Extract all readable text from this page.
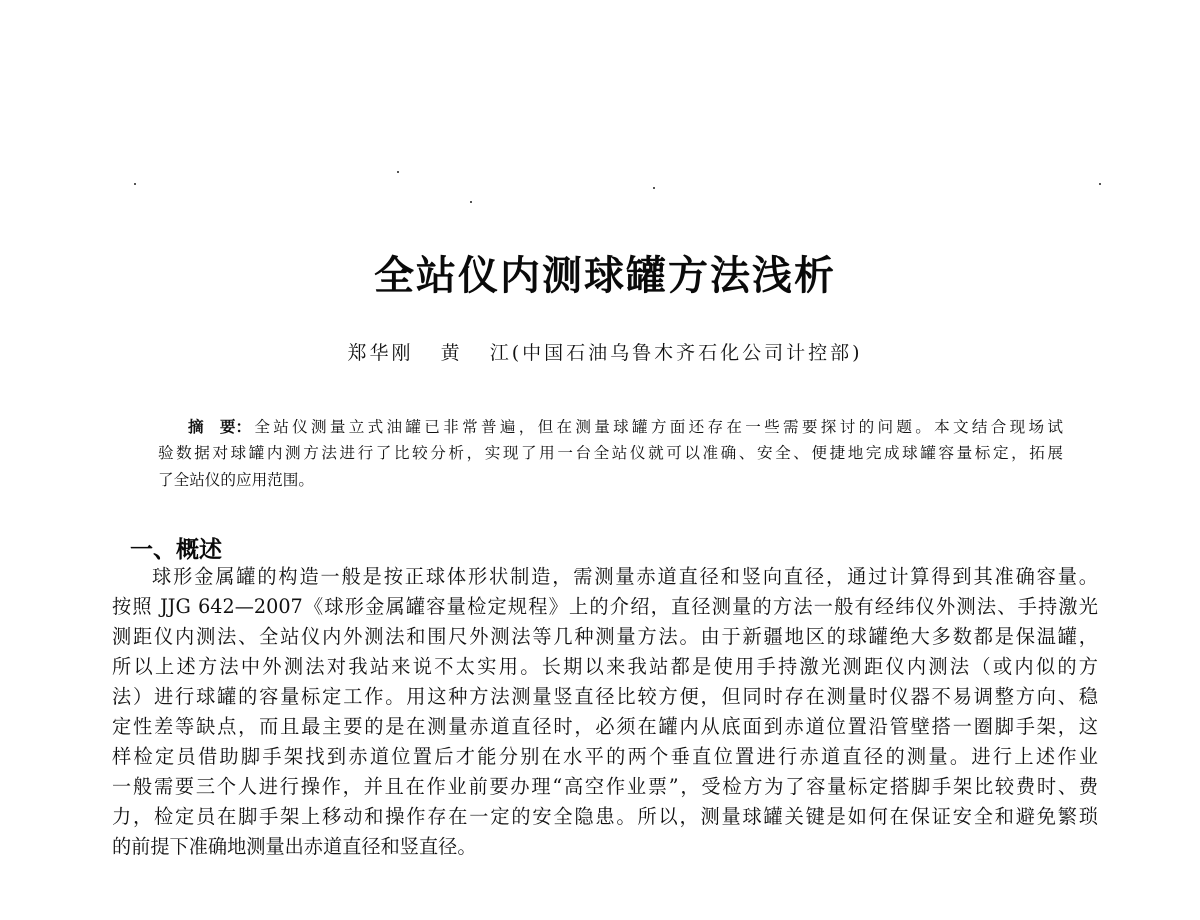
全站仪内测球罐方法浅析
郑华刚   黄   江(中国石油乌鲁木齐石化公司计控部)
摘   要：全站仪测量立式油罐已非常普遍，但在测量球罐方面还存在一些需要探讨的问题。本文结合现场试
验数据对球罐内测方法进行了比较分析，实现了用一台全站仪就可以准确、安全、便捷地完成球罐容量标定，拓展
了全站仪的应用范围。
一、概述
球形金属罐的构造一般是按正球体形状制造，需测量赤道直径和竖向直径，通过计算得到其准确容量。
按照 JJG 642—2007《球形金属罐容量检定规程》上的介绍，直径测量的方法一般有经纬仪外测法、手持激光
测距仪内测法、全站仪内外测法和围尺外测法等几种测量方法。由于新疆地区的球罐绝大多数都是保温罐，
所以上述方法中外测法对我站来说不太实用。长期以来我站都是使用手持激光测距仪内测法（或内似的方
法）进行球罐的容量标定工作。用这种方法测量竖直径比较方便，但同时存在测量时仪器不易调整方向、稳
定性差等缺点，而且最主要的是在测量赤道直径时，必须在罐内从底面到赤道位置沿管壁搭一圈脚手架，这
样检定员借助脚手架找到赤道位置后才能分别在水平的两个垂直位置进行赤道直径的测量。进行上述作业
一般需要三个人进行操作，并且在作业前要办理“高空作业票”，受检方为了容量标定搭脚手架比较费时、费
力，检定员在脚手架上移动和操作存在一定的安全隐患。所以，测量球罐关键是如何在保证安全和避免繁琐
的前提下准确地测量出赤道直径和竖直径。
